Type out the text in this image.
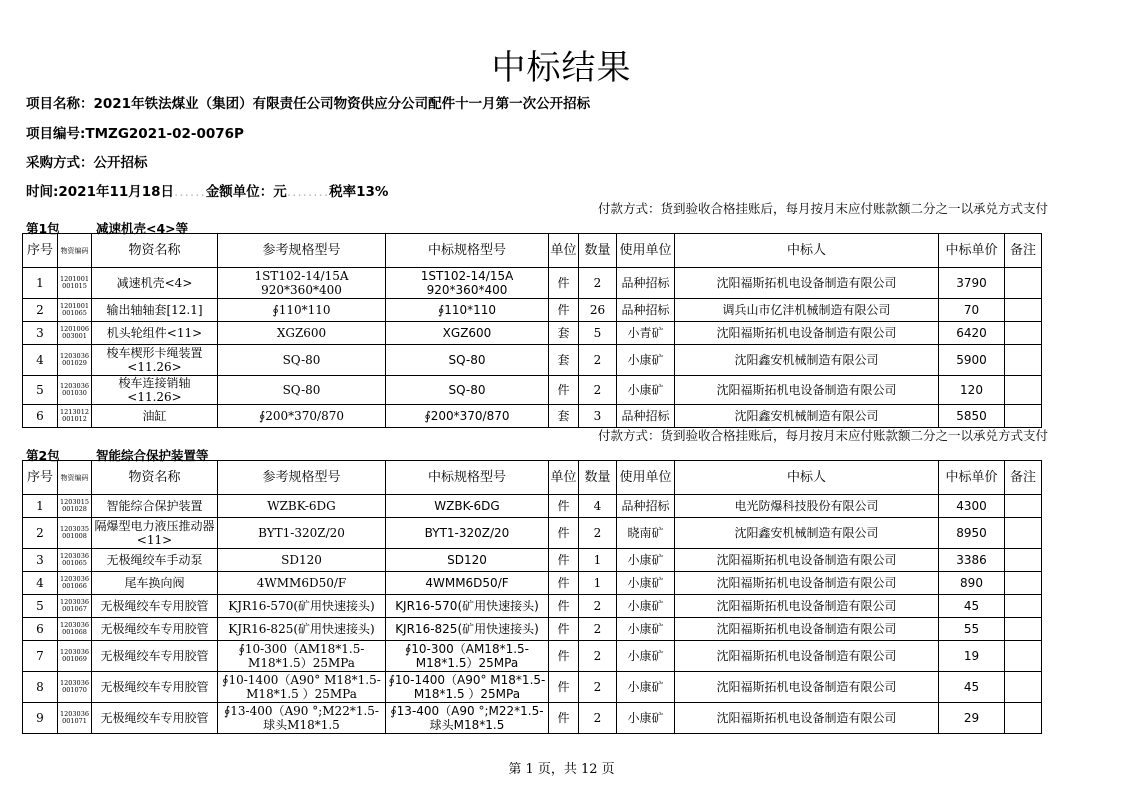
中标结果
项目名称：2021年铁法煤业（集团）有限责任公司物资供应分公司配件十一月第一次公开招标
项目编号:TMZG2021-02-0076P
采购方式：公开招标
时间:2021年11月18日......金额单位：元........税率13%
第1包	减速机壳<4>等
付款方式：货到验收合格挂账后，每月按月末应付账款额二分之一以承兑方式支付
序号	物资编码	物资名称	参考规格型号	中标规格型号	单位	数量	使用单位	中标人	中标单价	备注
1	1201001 001015	减速机壳<4>	1ST102-14/15A 920*360*400	1ST102-14/15A 920*360*400	件	2	品种招标	沈阳福斯拓机电设备制造有限公司	3790	
2	1201001 001065	输出轴轴套[12.1]	∮110*110	∮110*110	件	26	品种招标	调兵山市亿沣机械制造有限公司	70	
3	1201006 003001	机头轮组件<11>	XGZ600	XGZ600	套	5	小青矿	沈阳福斯拓机电设备制造有限公司	6420	
4	1203036 001029	梭车楔形卡绳装置<11.26>	SQ-80	SQ-80	套	2	小康矿	沈阳鑫安机械制造有限公司	5900	
5	1203036 001030	梭车连接销轴<11.26>	SQ-80	SQ-80	件	2	小康矿	沈阳福斯拓机电设备制造有限公司	120	
6	1213012 001012	油缸	∮200*370/870	∮200*370/870	套	3	品种招标	沈阳鑫安机械制造有限公司	5850	
第2包	智能综合保护装置等
付款方式：货到验收合格挂账后，每月按月末应付账款额二分之一以承兑方式支付
序号	物资编码	物资名称	参考规格型号	中标规格型号	单位	数量	使用单位	中标人	中标单价	备注
1	1203015 001028	智能综合保护装置	WZBK-6DG	WZBK-6DG	件	4	品种招标	电光防爆科技股份有限公司	4300	
2	1203035 001008	隔爆型电力液压推动器<11>	BYT1-320Z/20	BYT1-320Z/20	件	2	晓南矿	沈阳鑫安机械制造有限公司	8950	
3	1203036 001065	无极绳绞车手动泵	SD120	SD120	件	1	小康矿	沈阳福斯拓机电设备制造有限公司	3386	
4	1203036 001066	尾车换向阀	4WMM6D50/F	4WMM6D50/F	件	1	小康矿	沈阳福斯拓机电设备制造有限公司	890	
5	1203036 001067	无极绳绞车专用胶管	KJR16-570(矿用快速接头)	KJR16-570(矿用快速接头)	件	2	小康矿	沈阳福斯拓机电设备制造有限公司	45	
6	1203036 001068	无极绳绞车专用胶管	KJR16-825(矿用快速接头)	KJR16-825(矿用快速接头)	件	2	小康矿	沈阳福斯拓机电设备制造有限公司	55	
7	1203036 001069	无极绳绞车专用胶管	∮10-300（AM18*1.5-M18*1.5）25MPa	∮10-300（AM18*1.5-M18*1.5）25MPa	件	2	小康矿	沈阳福斯拓机电设备制造有限公司	19	
8	1203036 001070	无极绳绞车专用胶管	∮10-1400（A90° M18*1.5-M18*1.5 ）25MPa	∮10-1400（A90° M18*1.5-M18*1.5 ）25MPa	件	2	小康矿	沈阳福斯拓机电设备制造有限公司	45	
9	1203036 001071	无极绳绞车专用胶管	∮13-400（A90 °;M22*1.5-球头M18*1.5	∮13-400（A90 °;M22*1.5-球头M18*1.5	件	2	小康矿	沈阳福斯拓机电设备制造有限公司	29	
第 1 页，共 12 页
